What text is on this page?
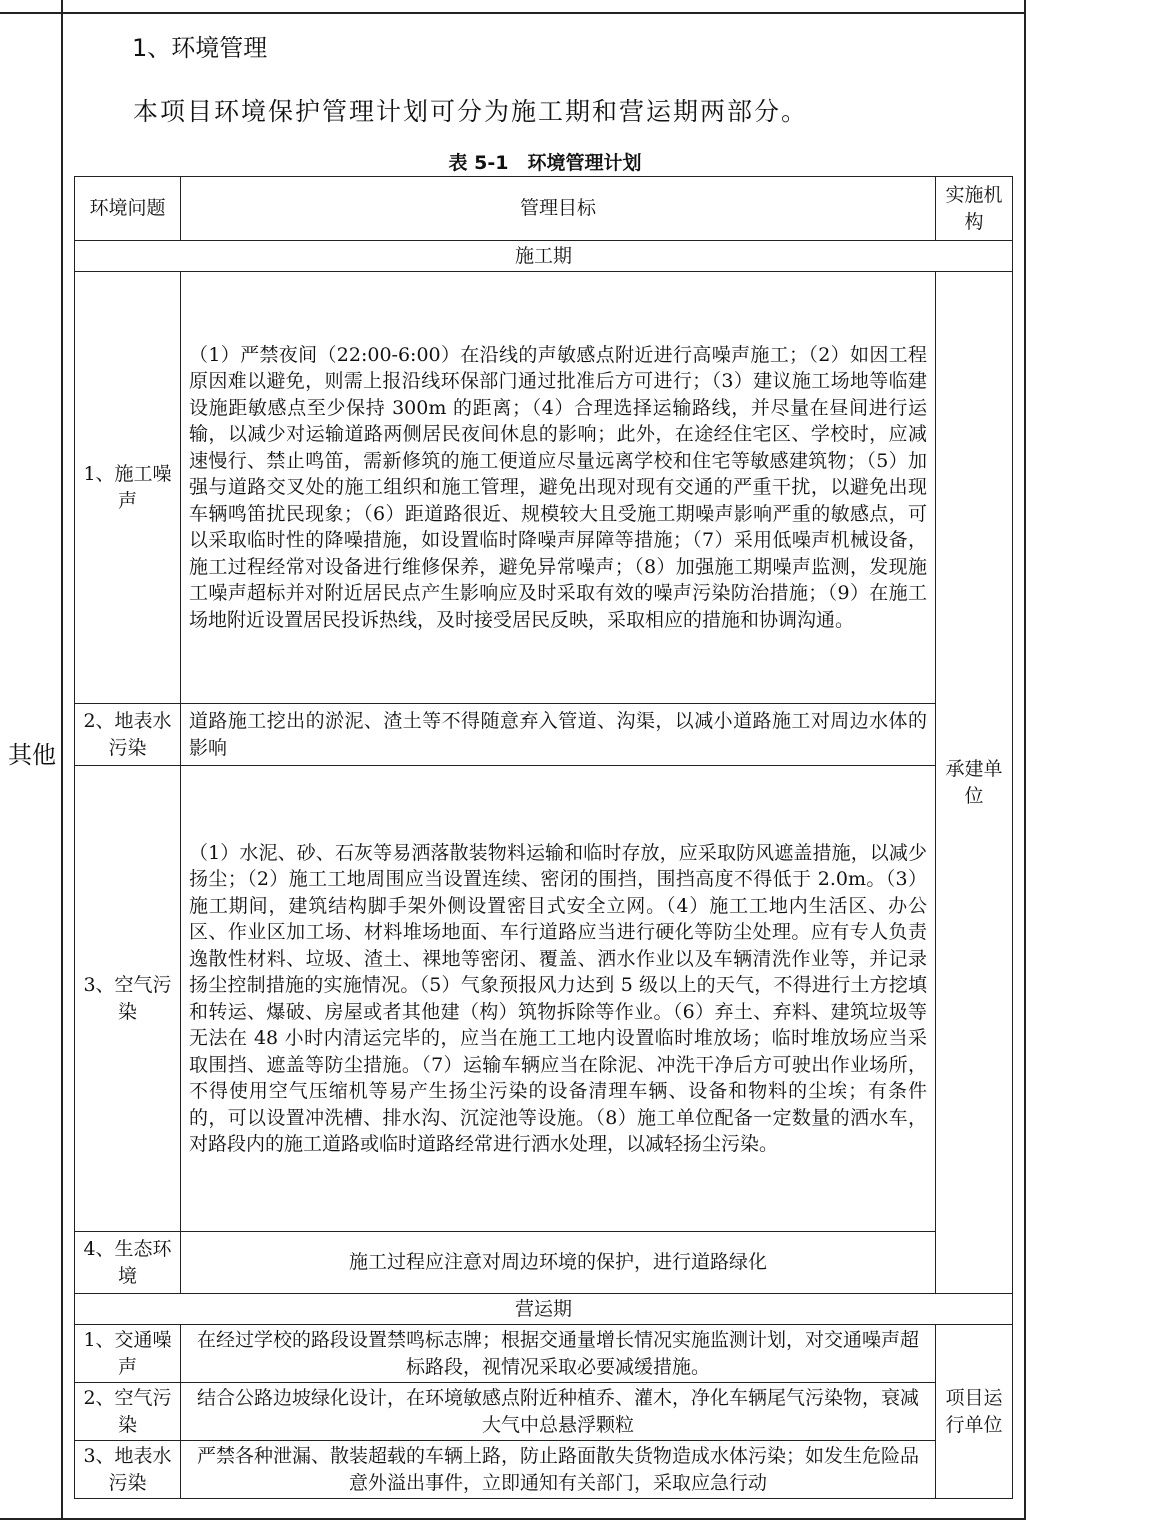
其他
1、环境管理
本项目环境保护管理计划可分为施工期和营运期两部分。
表 5-1　环境管理计划
环境问题	管理目标	实施机构
施工期		
1、施工噪声	（1）严禁夜间（22:00-6:00）在沿线的声敏感点附近进行高噪声施工；（2）如因工程原因难以避免，则需上报沿线环保部门通过批准后方可进行；（3）建议施工场地等临建设施距敏感点至少保持 300m 的距离；（4）合理选择运输路线，并尽量在昼间进行运输，以减少对运输道路两侧居民夜间休息的影响；此外，在途经住宅区、学校时，应减速慢行、禁止鸣笛，需新修筑的施工便道应尽量远离学校和住宅等敏感建筑物；（5）加强与道路交叉处的施工组织和施工管理，避免出现对现有交通的严重干扰，以避免出现车辆鸣笛扰民现象；（6）距道路很近、规模较大且受施工期噪声影响严重的敏感点，可以采取临时性的降噪措施，如设置临时降噪声屏障等措施；（7）采用低噪声机械设备，施工过程经常对设备进行维修保养，避免异常噪声；（8）加强施工期噪声监测，发现施工噪声超标并对附近居民点产生影响应及时采取有效的噪声污染防治措施；（9）在施工场地附近设置居民投诉热线，及时接受居民反映，采取相应的措施和协调沟通。	承建单位
2、地表水污染	道路施工挖出的淤泥、渣土等不得随意弃入管道、沟渠，以减小道路施工对周边水体的影响	
3、空气污染	（1）水泥、砂、石灰等易洒落散装物料运输和临时存放，应采取防风遮盖措施，以减少扬尘；（2）施工工地周围应当设置连续、密闭的围挡，围挡高度不得低于 2.0m。（3）施工期间，建筑结构脚手架外侧设置密目式安全立网。（4）施工工地内生活区、办公区、作业区加工场、材料堆场地面、车行道路应当进行硬化等防尘处理。应有专人负责逸散性材料、垃圾、渣土、裸地等密闭、覆盖、洒水作业以及车辆清洗作业等，并记录扬尘控制措施的实施情况。（5）气象预报风力达到 5 级以上的天气，不得进行土方挖填和转运、爆破、房屋或者其他建（构）筑物拆除等作业。（6）弃土、弃料、建筑垃圾等无法在 48 小时内清运完毕的，应当在施工工地内设置临时堆放场；临时堆放场应当采取围挡、遮盖等防尘措施。（7）运输车辆应当在除泥、冲洗干净后方可驶出作业场所，不得使用空气压缩机等易产生扬尘污染的设备清理车辆、设备和物料的尘埃；有条件的，可以设置冲洗槽、排水沟、沉淀池等设施。（8）施工单位配备一定数量的洒水车，对路段内的施工道路或临时道路经常进行洒水处理，以减轻扬尘污染。	
4、生态环境	施工过程应注意对周边环境的保护，进行道路绿化	
营运期		
1、交通噪声	在经过学校的路段设置禁鸣标志牌；根据交通量增长情况实施监测计划，对交通噪声超标路段，视情况采取必要减缓措施。	项目运行单位
2、空气污染	结合公路边坡绿化设计，在环境敏感点附近种植乔、灌木，净化车辆尾气污染物，衰减大气中总悬浮颗粒	
3、地表水污染	严禁各种泄漏、散装超载的车辆上路，防止路面散失货物造成水体污染；如发生危险品意外溢出事件，立即通知有关部门，采取应急行动	
